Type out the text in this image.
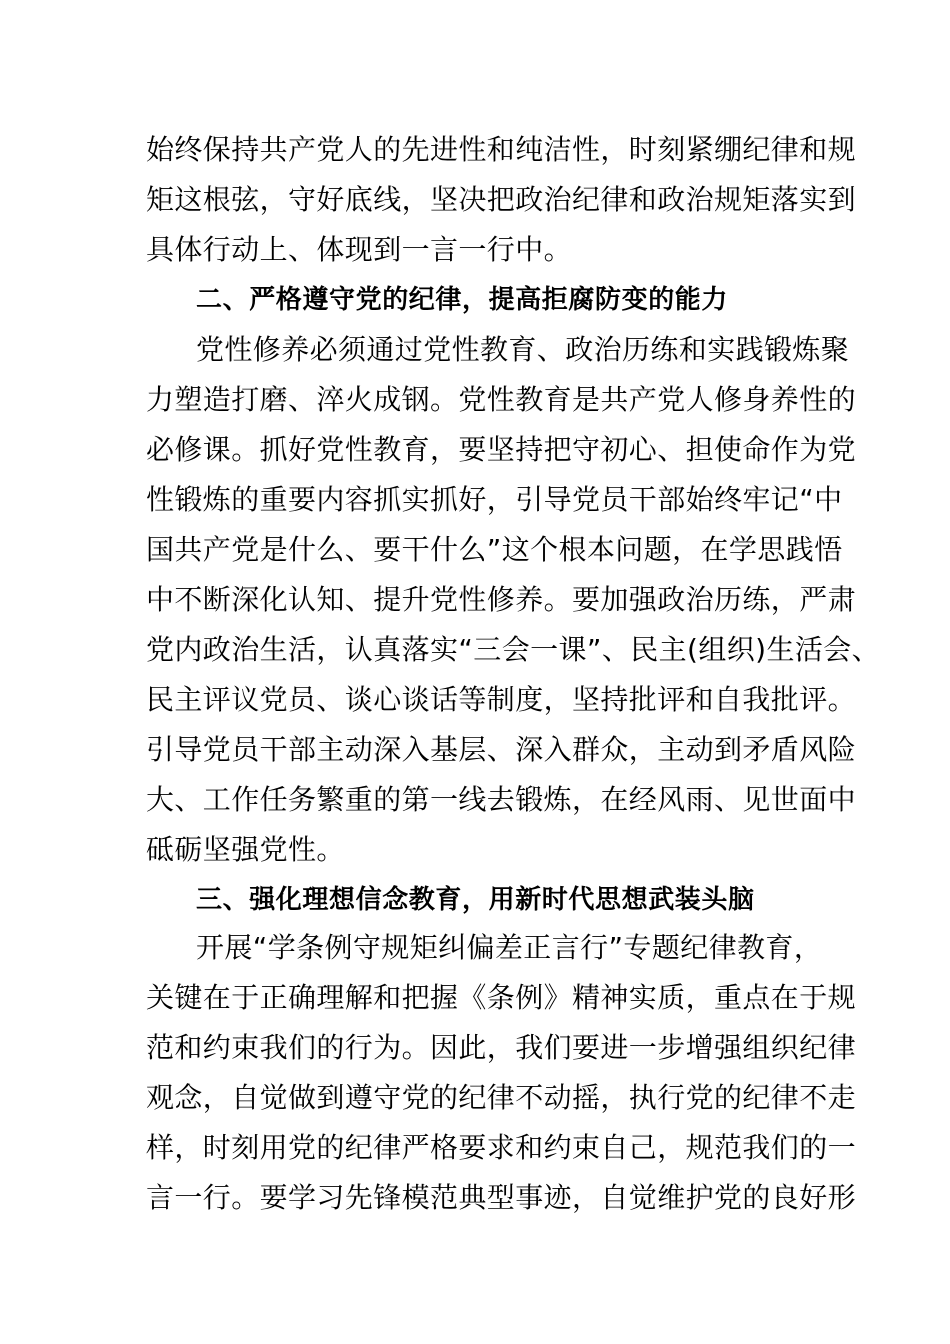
始终保持共产党人的先进性和纯洁性，时刻紧绷纪律和规
矩这根弦，守好底线，坚决把政治纪律和政治规矩落实到
具体行动上、体现到一言一行中。
二、严格遵守党的纪律，提高拒腐防变的能力
党性修养必须通过党性教育、政治历练和实践锻炼聚
力塑造打磨、淬火成钢。党性教育是共产党人修身养性的
必修课。抓好党性教育，要坚持把守初心、担使命作为党
性锻炼的重要内容抓实抓好，引导党员干部始终牢记“中
国共产党是什么、要干什么”这个根本问题，在学思践悟
中不断深化认知、提升党性修养。要加强政治历练，严肃
党内政治生活，认真落实“三会一课”、民主(组织)生活会、
民主评议党员、谈心谈话等制度，坚持批评和自我批评。
引导党员干部主动深入基层、深入群众，主动到矛盾风险
大、工作任务繁重的第一线去锻炼，在经风雨、见世面中
砥砺坚强党性。
三、强化理想信念教育，用新时代思想武装头脑
开展“学条例守规矩纠偏差正言行”专题纪律教育，
关键在于正确理解和把握《条例》精神实质，重点在于规
范和约束我们的行为。因此，我们要进一步增强组织纪律
观念，自觉做到遵守党的纪律不动摇，执行党的纪律不走
样，时刻用党的纪律严格要求和约束自己，规范我们的一
言一行。要学习先锋模范典型事迹，自觉维护党的良好形
